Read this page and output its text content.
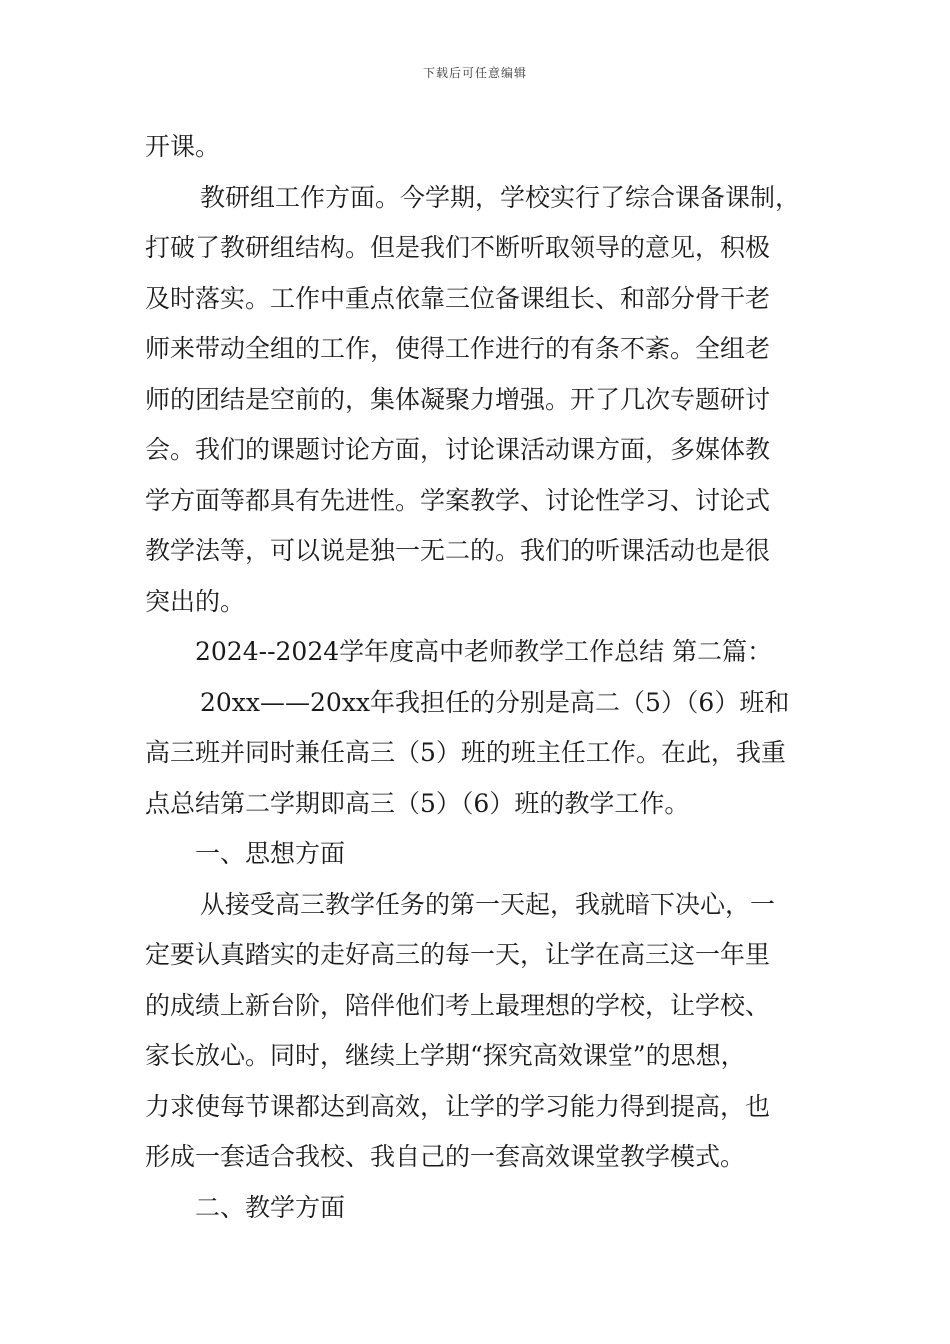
下载后可任意编辑
开课。
教研组工作方面。今学期，学校实行了综合课备课制，
打破了教研组结构。但是我们不断听取领导的意见，积极
及时落实。工作中重点依靠三位备课组长、和部分骨干老
师来带动全组的工作，使得工作进行的有条不紊。全组老
师的团结是空前的，集体凝聚力增强。开了几次专题研讨
会。我们的课题讨论方面，讨论课活动课方面，多媒体教
学方面等都具有先进性。学案教学、讨论性学习、讨论式
教学法等，可以说是独一无二的。我们的听课活动也是很
突出的。
2024--2024学年度高中老师教学工作总结 第二篇：
20xx——20xx年我担任的分别是高二（5）（6）班和
高三班并同时兼任高三（5）班的班主任工作。在此，我重
点总结第二学期即高三（5）（6）班的教学工作。
一、思想方面
从接受高三教学任务的第一天起，我就暗下决心，一
定要认真踏实的走好高三的每一天，让学在高三这一年里
的成绩上新台阶，陪伴他们考上最理想的学校，让学校、
家长放心。同时，继续上学期“探究高效课堂”的思想，
力求使每节课都达到高效，让学的学习能力得到提高，也
形成一套适合我校、我自己的一套高效课堂教学模式。
二、教学方面
